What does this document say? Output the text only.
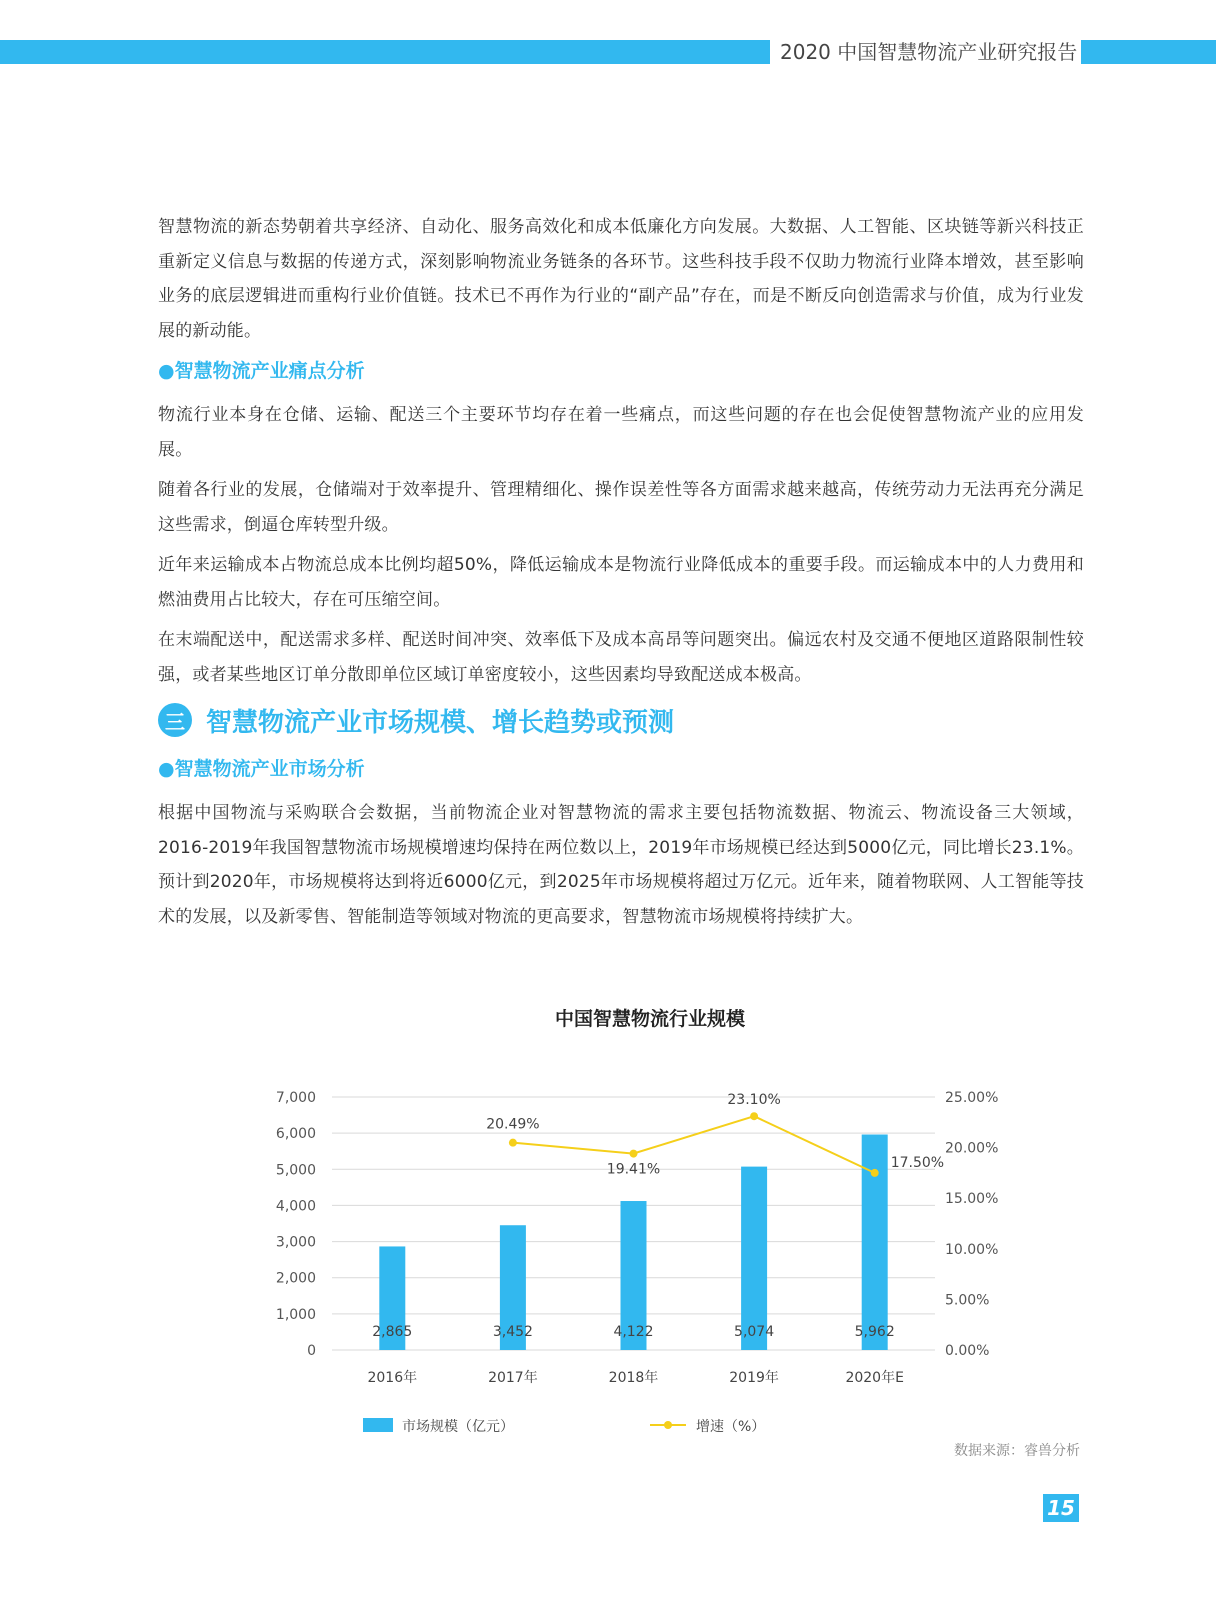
2020 中国智慧物流产业研究报告

智慧物流的新态势朝着共享经济、自动化、服务高效化和成本低廉化方向发展。大数据、人工智能、区块链等新兴科技正重新定义信息与数据的传递方式，深刻影响物流业务链条的各环节。这些科技手段不仅助力物流行业降本增效，甚至影响业务的底层逻辑进而重构行业价值链。技术已不再作为行业的“副产品”存在，而是不断反向创造需求与价值，成为行业发展的新动能。

●智慧物流产业痛点分析

物流行业本身在仓储、运输、配送三个主要环节均存在着一些痛点，而这些问题的存在也会促使智慧物流产业的应用发展。

随着各行业的发展，仓储端对于效率提升、管理精细化、操作误差性等各方面需求越来越高，传统劳动力无法再充分满足这些需求，倒逼仓库转型升级。

近年来运输成本占物流总成本比例均超50%，降低运输成本是物流行业降低成本的重要手段。而运输成本中的人力费用和燃油费用占比较大，存在可压缩空间。

在末端配送中，配送需求多样、配送时间冲突、效率低下及成本高昂等问题突出。偏远农村及交通不便地区道路限制性较强，或者某些地区订单分散即单位区域订单密度较小，这些因素均导致配送成本极高。

三 智慧物流产业市场规模、增长趋势或预测
●智慧物流产业市场分析

根据中国物流与采购联合会数据，当前物流企业对智慧物流的需求主要包括物流数据、物流云、物流设备三大领域， 2016-2019年我国智慧物流市场规模增速均保持在两位数以上，2019年市场规模已经达到5000亿元，同比增长23.1%。预计到2020年，市场规模将达到将近6000亿元，到2025年市场规模将超过万亿元。近年来，随着物联网、人工智能等技术的发展，以及新零售、智能制造等领域对物流的更高要求，智慧物流市场规模将持续扩大。

中国智慧物流行业规模
0
1,000
2,000
3,000
4,000
5,000
6,000
7,000
0.00%
5.00%
10.00%
15.00%
20.00%
25.00%
2,865
2016年
3,452
2017年
4,122
2018年
5,074
2019年
5,962
2020年E
20.49%
19.41%
23.10%
17.50%
市场规模（亿元）	增速（%）
数据来源：睿兽分析
15
